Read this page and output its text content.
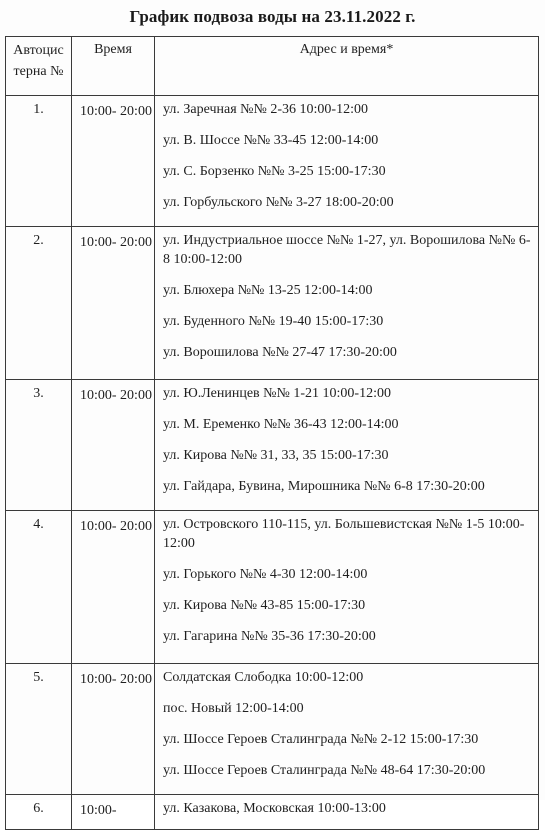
График подвоза воды на 23.11.2022 г.
Автоцис терна №	Время	Адрес и время*
1.	10:00- 20:00	ул. Заречная №№ 2-36 10:00-12:00
ул. В. Шоссе №№ 33-45 12:00-14:00
ул. С. Борзенко №№ 3-25 15:00-17:30
ул. Горбульского №№ 3-27 18:00-20:00

2.	10:00- 20:00	ул. Индустриальное шоссе №№ 1-27, ул. Ворошилова №№ 6-8 10:00-12:00
ул. Блюхера №№ 13-25 12:00-14:00
ул. Буденного №№ 19-40 15:00-17:30
ул. Ворошилова №№ 27-47 17:30-20:00

3.	10:00- 20:00	ул. Ю.Ленинцев №№ 1-21 10:00-12:00
ул. М. Еременко №№ 36-43 12:00-14:00
ул. Кирова №№ 31, 33, 35 15:00-17:30
ул. Гайдара, Бувина, Мирошника №№ 6-8 17:30-20:00

4.	10:00- 20:00	ул. Островского 110-115, ул. Большевистская №№ 1-5 10:00-12:00
ул. Горького №№ 4-30 12:00-14:00
ул. Кирова №№ 43-85 15:00-17:30
ул. Гагарина №№ 35-36 17:30-20:00

5.	10:00- 20:00	Солдатская Слободка 10:00-12:00
пос. Новый 12:00-14:00
ул. Шоссе Героев Сталинграда №№ 2-12 15:00-17:30
ул. Шоссе Героев Сталинграда №№ 48-64 17:30-20:00

6.	10:00-	ул. Казакова, Московская 10:00-13:00
